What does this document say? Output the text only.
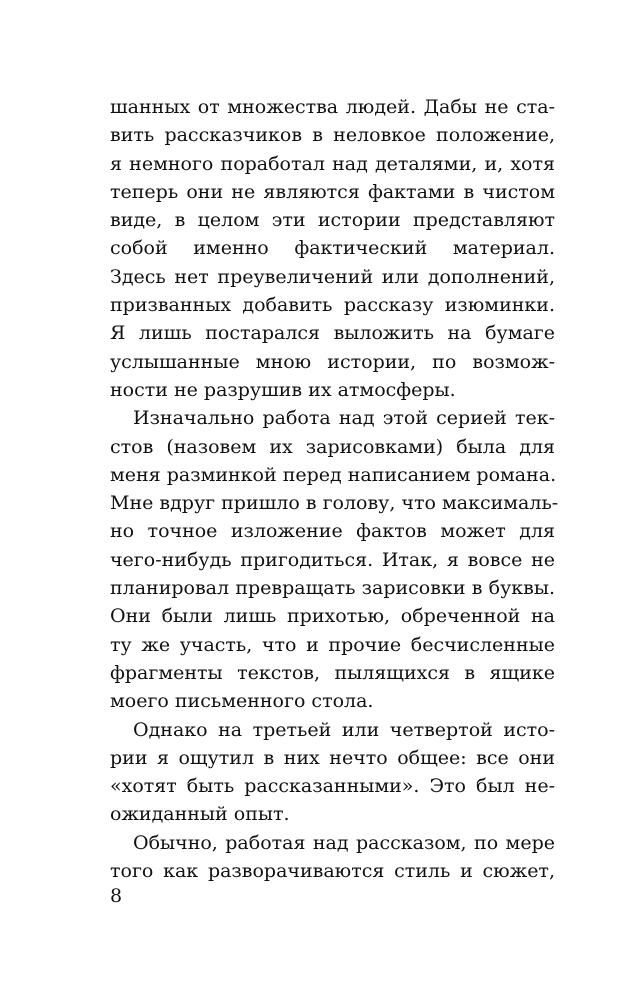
шанных от множества людей. Дабы не ста-
вить рассказчиков в неловкое положение,
я немного поработал над деталями, и, хотя
теперь они не являются фактами в чистом
виде, в целом эти истории представляют
собой именно фактический материал.
Здесь нет преувеличений или дополнений,
призванных добавить рассказу изюминки.
Я лишь постарался выложить на бумаге
услышанные мною истории, по возмож-
ности не разрушив их атмосферы.
Изначально работа над этой серией тек-
стов (назовем их зарисовками) была для
меня разминкой перед написанием романа.
Мне вдруг пришло в голову, что максималь-
но точное изложение фактов может для
чего-нибудь пригодиться. Итак, я вовсе не
планировал превращать зарисовки в буквы.
Они были лишь прихотью, обреченной на
ту же участь, что и прочие бесчисленные
фрагменты текстов, пылящихся в ящике
моего письменного стола.
Однако на третьей или четвертой исто-
рии я ощутил в них нечто общее: все они
«хотят быть рассказанными». Это был не-
ожиданный опыт.
Обычно, работая над рассказом, по мере
того как разворачиваются стиль и сюжет,
8
